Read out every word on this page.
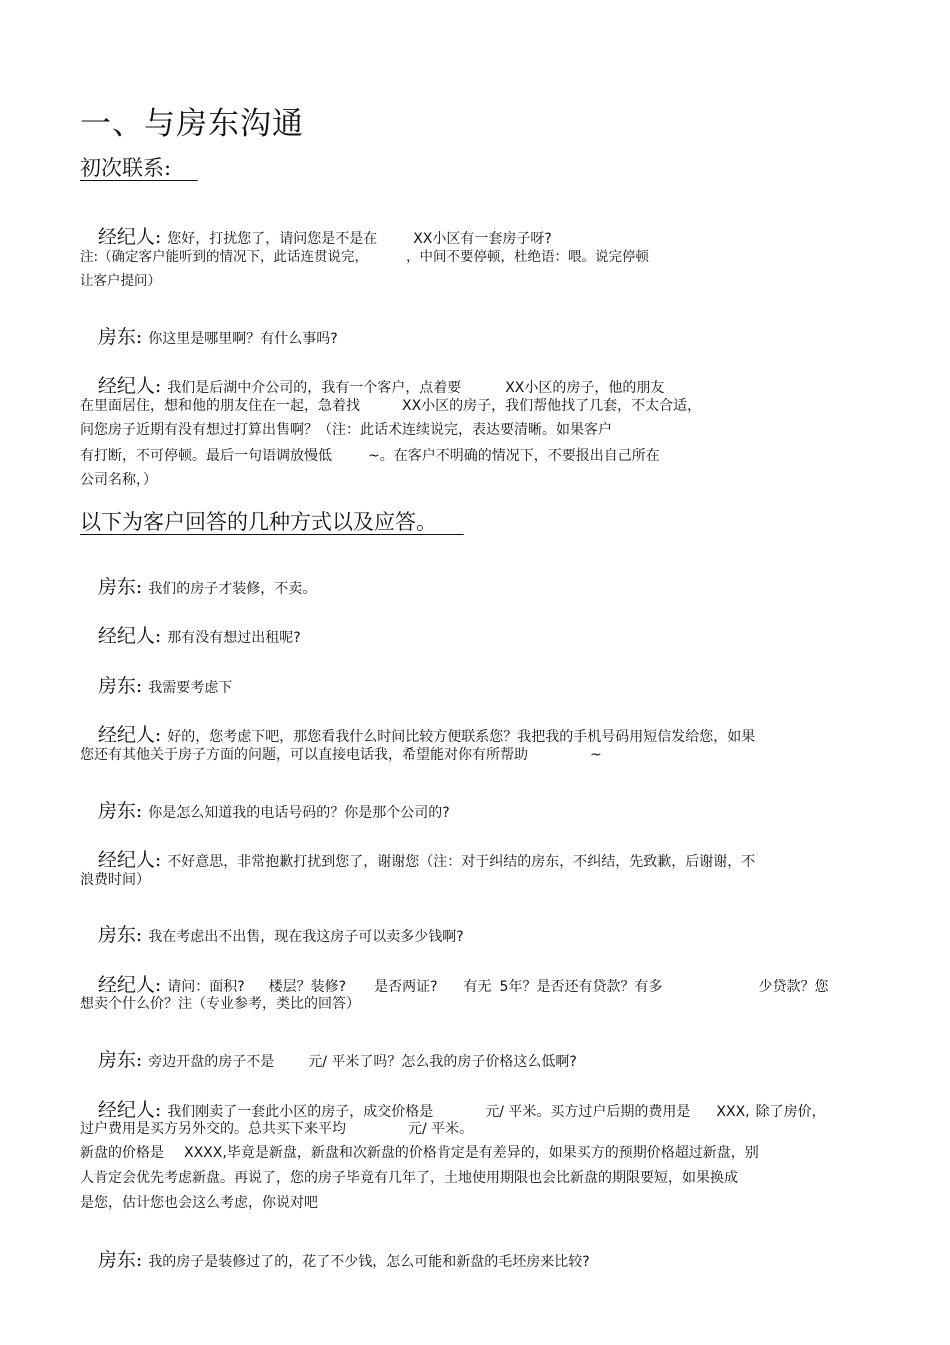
一、与房东沟通
初次联系:

经纪人: 您好，打扰您了，请问您是不是在	XX小区有一套房子呀?

注:（确定客户能听到的情况下，此话连贯说完，	，中间不要停顿，杜绝语：喂。说完停顿
让客户提问）

房东: 你这里是哪里啊？有什么事吗?

经纪人: 我们是后湖中介公司的，我有一个客户，点着要	XX小区的房子，他的朋友

在里面居住，想和他的朋友住在一起，急着找	XX小区的房子，我们帮他找了几套，不太合适，
问您房子近期有没有想过打算出售啊？（注：此话术连续说完，表达要清晰。如果客户
有打断，不可停顿。最后一句语调放慢低	~。在客户不明确的情况下，不要报出自己所在
公司名称，）
以下为客户回答的几种方式以及应答。

房东: 我们的房子才装修，不卖。

经纪人: 那有没有想过出租呢?

房东: 我需要考虑下

经纪人: 好的，您考虑下吧，那您看我什么时间比较方便联系您？我把我的手机号码用短信发给您，如果

您还有其他关于房子方面的问题，可以直接电话我，希望能对你有所帮助	~

房东: 你是怎么知道我的电话号码的？你是那个公司的?

经纪人: 不好意思，非常抱歉打扰到您了，谢谢您（注：对于纠结的房东，不纠结，先致歉，后谢谢，不

浪费时间）

房东: 我在考虑出不出售，现在我这房子可以卖多少钱啊?

经纪人: 请问：面积? 楼层？装修? 是否两证? 有无 5年？是否还有贷款？有多	少贷款？您

想卖个什么价？注（专业参考，类比的回答）

房东: 旁边开盘的房子不是 元/ 平米了吗？怎么我的房子价格这么低啊?

经纪人: 我们刚卖了一套此小区的房子，成交价格是	元/ 平米。买方过户后期的费用是 XXX, 除了房价，

过户费用是买方另外交的。总共买下来平均	元/ 平米。
新盘的价格是 XXXX,毕竟是新盘，新盘和次新盘的价格肯定是有差异的，如果买方的预期价格超过新盘，别
人肯定会优先考虑新盘。再说了，您的房子毕竟有几年了，土地使用期限也会比新盘的期限要短，如果换成
是您，估计您也会这么考虑，你说对吧

房东: 我的房子是装修过了的，花了不少钱，怎么可能和新盘的毛坯房来比较?
